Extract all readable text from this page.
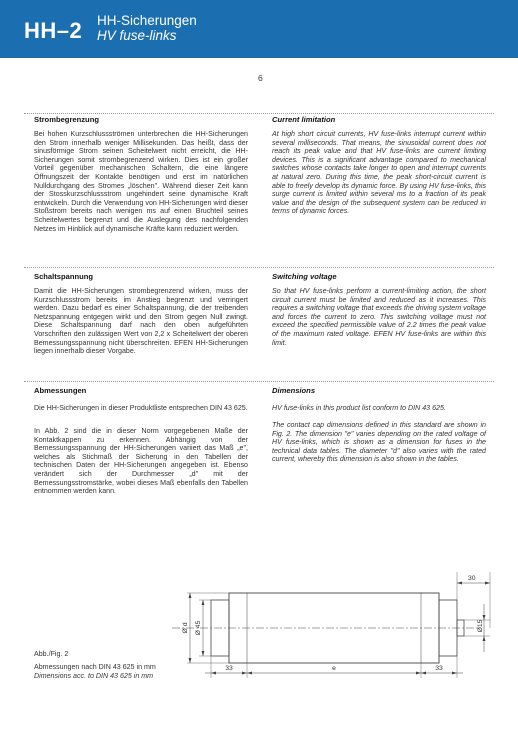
HH–2 HH-Sicherungen
HV fuse-links
6
Strombegrenzung	Current limitation

Bei hohen Kurzschlussströmen unterbrechen die HH-Sicherungen den Strom innerhalb weniger Millisekunden. Das heißt, dass der sinusförmige Strom seinen Scheitelwert nicht erreicht, die HH-Sicherungen somit strombegrenzend wirken. Dies ist ein großer Vorteil gegenüber mechanischen Schaltern, die eine längere Öffnungszeit der Kontakte benötigen und erst im natürlichen Nulldurchgang des Stromes „löschen". Während dieser Zeit kann der Stosskurzschlussstrom ungehindert seine dynamische Kraft entwickeln. Durch die Verwendung von HH-Sicherungen wird dieser Stoßstrom bereits nach wenigen ms auf einen Bruchteil seines Scheitelwertes begrenzt und die Auslegung des nachfolgenden Netzes im Hinblick auf dynamische Kräfte kann reduziert werden.

At high short circuit currents, HV fuse-links interrupt current within several milliseconds. That means, the sinusoidal current does not reach its peak value and that HV fuse-links are current limiting devices. This is a significant advantage compared to mechanical switches whose contacts take longer to open and interrupt currents at natural zero. During this time, the peak short-circuit current is able to freely develop its dynamic force. By using HV fuse-links, this surge current is limited within several ms to a fraction of its peak value and the design of the subsequent system can be reduced in terms of dynamic forces.

Schaltspannung	Switching voltage

Damit die HH-Sicherungen strombegrenzend wirken, muss der Kurzschlussstrom bereits im Anstieg begrenzt und verringert werden. Dazu bedarf es einer Schaltspannung, die der treibenden Netzspannung entgegen wirkt und den Strom gegen Null zwingt. Diese Schaltspannung darf nach den oben aufgeführten Vorschriften den zulässigen Wert von 2,2 x Scheitelwert der oberen Bemessungsspannung nicht überschreiten. EFEN HH-Sicherungen liegen innerhalb dieser Vorgabe.

So that HV fuse-links perform a current-limiting action, the short circuit current must be limited and reduced as it increases. This requires a switching voltage that exceeds the driving system voltage and forces the current to zero. This switching voltage must not exceed the specified permissible value of 2.2 times the peak value of the maximum rated voltage. EFEN HV fuse-links are within this limit.

Abmessungen	Dimensions

Die HH-Sicherungen in dieser Produktliste entsprechen DIN 43 625.	HV fuse-links in this product list conform to DIN 43 625.

In Abb. 2 sind die in dieser Norm vorgegebenen Maße der Kontaktkappen zu erkennen. Abhängig von der Bemessungsspannung der HH-Sicherungen variiert das Maß „e", welches als Stichmaß der Sicherung in den Tabellen der technischen Daten der HH-Sicherungen angegeben ist. Ebenso verändert sich der Durchmesser „d" mit der Bemessungsstromstärke, wobei dieses Maß ebenfalls den Tabellen entnommen werden kann.

The contact cap dimensions defined in this standard are shown in Fig. 2. The dimension "e" varies depending on the rated voltage of HV fuse-links, which is shown as a dimension for fuses in the technical data tables. The diameter "d" also varies with the rated current, whereby this dimension is also shown in the tables.

30
Ø15
Ø d Ø 45
33	e	33
Abb./Fig. 2
Abmessungen nach DIN 43 625 in mm
Dimensions acc. to DIN 43 625 in mm
